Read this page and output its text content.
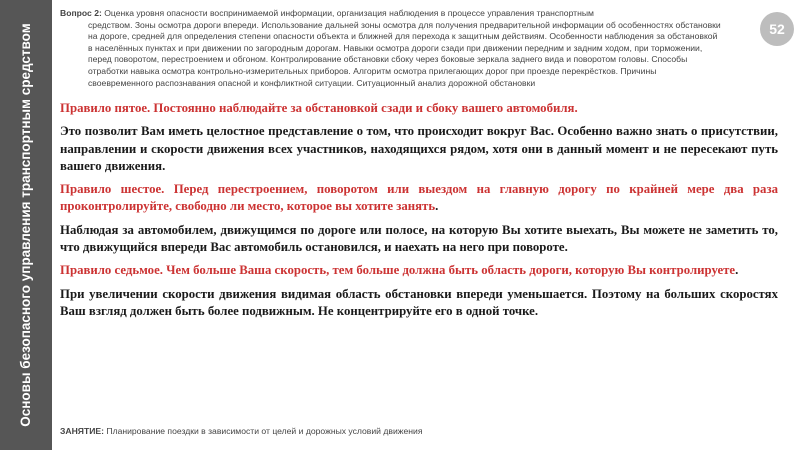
Основы безопасного управления транспортным средством
Вопрос 2: Оценка уровня опасности воспринимаемой информации, организация наблюдения в процессе управления транспортным
средством. Зоны осмотра дороги впереди. Использование дальней зоны осмотра для получения предварительной информации об особенностях обстановки на дороге, средней для определения степени опасности объекта и ближней для перехода к защитным действиям. Особенности наблюдения за обстановкой в населённых пунктах и при движении по загородным дорогам. Навыки осмотра дороги сзади при движении передним и задним ходом, при торможении, перед поворотом, перестроением и обгоном. Контролирование обстановки сбоку через боковые зеркала заднего вида и поворотом головы. Способы отработки навыка осмотра контрольно-измерительных приборов. Алгоритм осмотра прилегающих дорог при проезде перекрёстков. Причины своевременного распознавания опасной и конфликтной ситуации. Ситуационный анализ дорожной обстановки
52

Правило пятое. Постоянно наблюдайте за обстановкой сзади и сбоку вашего автомобиля.

Это позволит Вам иметь целостное представление о том, что происходит вокруг Вас. Особенно важно знать о присутствии, направлении и скорости движения всех участников, находящихся рядом, хотя они в данный момент и не пересекают путь вашего движения.

Правило шестое. Перед перестроением, поворотом или выездом на главную дорогу по крайней мере два раза проконтролируйте, свободно ли место, которое вы хотите занять.

Наблюдая за автомобилем, движущимся по дороге или полосе, на которую Вы хотите выехать, Вы можете не заметить то, что движущийся впереди Вас автомобиль остановился, и наехать на него при повороте.

Правило седьмое. Чем больше Ваша скорость, тем больше должна быть область дороги, которую Вы контролируете.

При увеличении скорости движения видимая область обстановки впереди уменьшается. Поэтому на больших скоростях Ваш взгляд должен быть более подвижным. Не концентрируйте его в одной точке.

ЗАНЯТИЕ: Планирование поездки в зависимости от целей и дорожных условий движения
